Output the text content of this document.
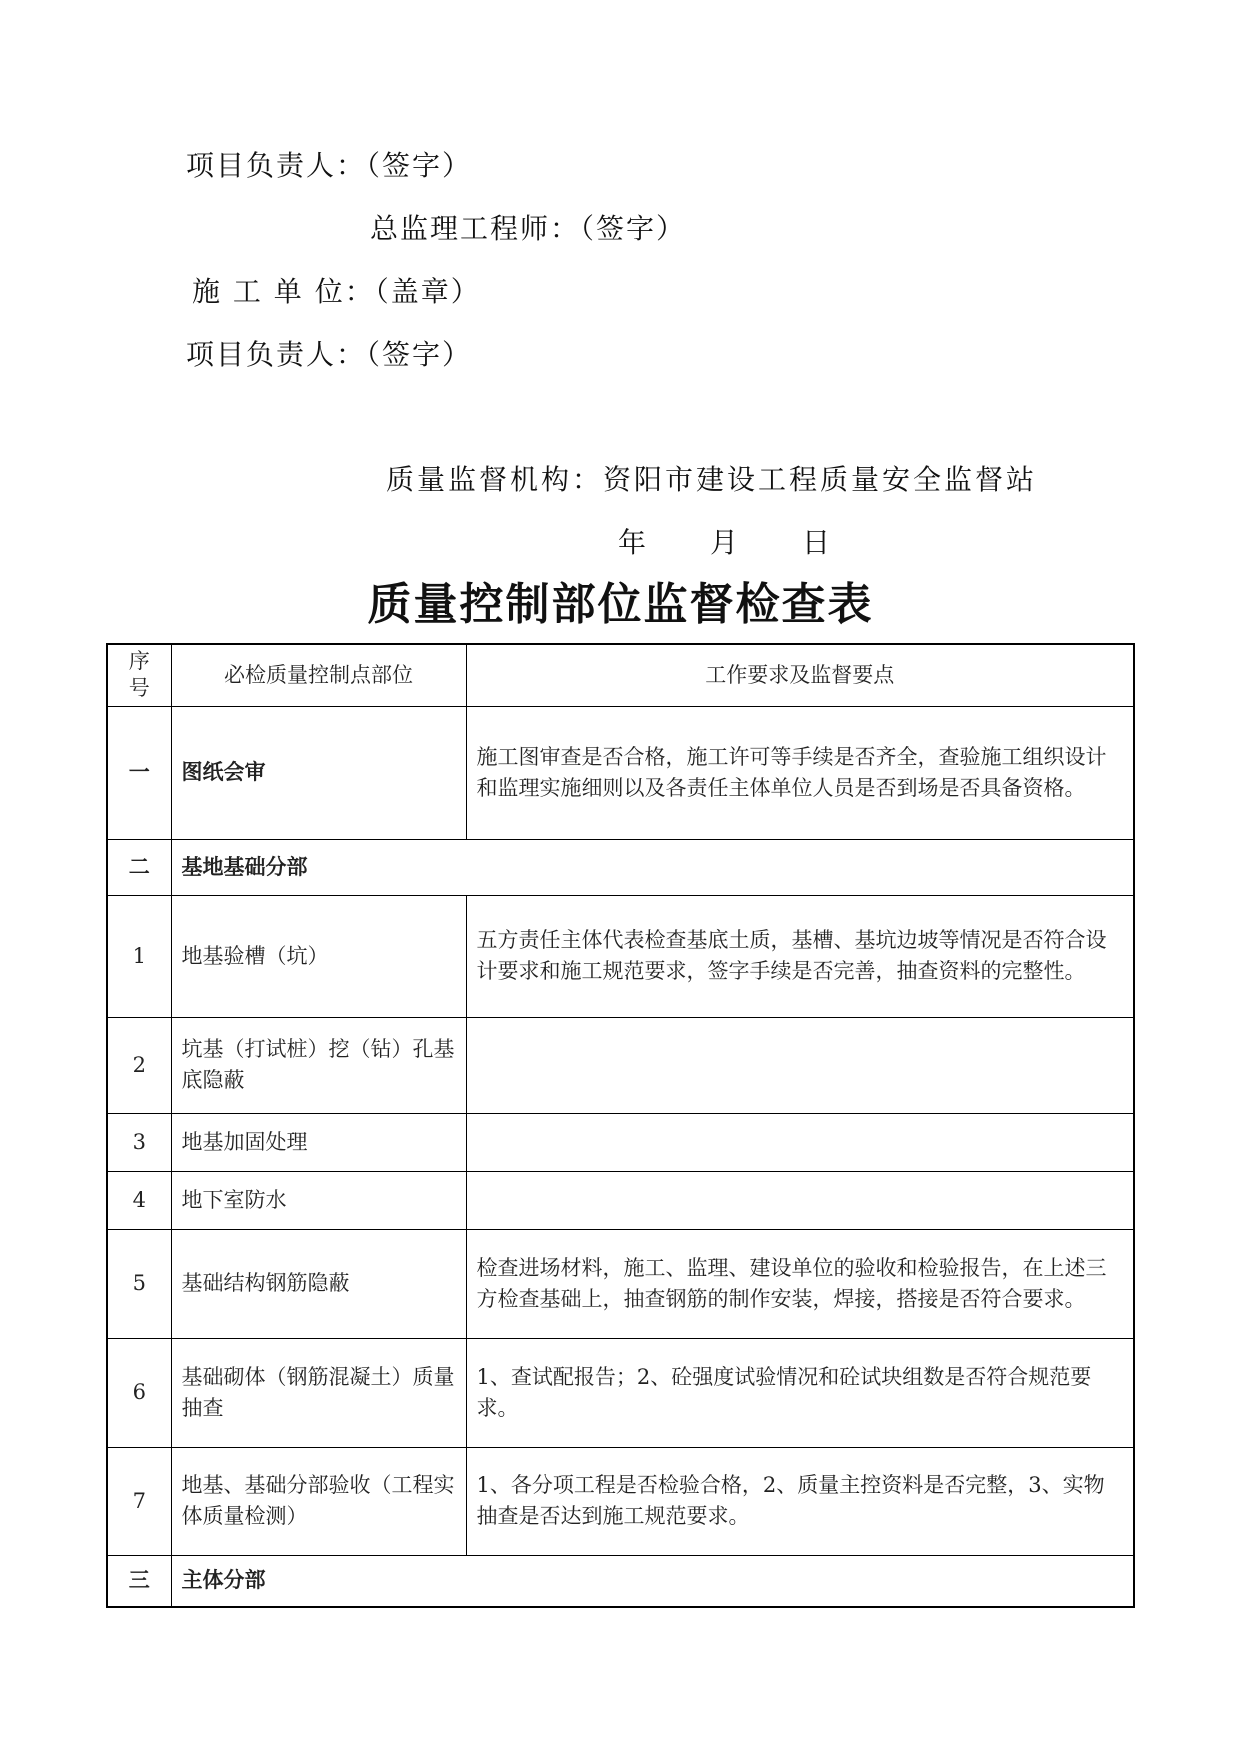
项目负责人：（签字）
总监理工程师：（签字）
施 工 单 位：（盖章）
项目负责人：（签字）
质量监督机构：资阳市建设工程质量安全监督站
年 月 日
质量控制部位监督检查表
序号	必检质量控制点部位	工作要求及监督要点
一	图纸会审	施工图审查是否合格，施工许可等手续是否齐全，查验施工组织设计和监理实施细则以及各责任主体单位人员是否到场是否具备资格。
二	基地基础分部	
1	地基验槽（坑）	五方责任主体代表检查基底土质，基槽、基坑边坡等情况是否符合设计要求和施工规范要求，签字手续是否完善，抽查资料的完整性。
2	坑基（打试桩）挖（钻）孔基底隐蔽	
3	地基加固处理	
4	地下室防水	
5	基础结构钢筋隐蔽	检查进场材料，施工、监理、建设单位的验收和检验报告，在上述三方检查基础上，抽查钢筋的制作安装，焊接，搭接是否符合要求。
6	基础砌体（钢筋混凝土）质量抽查	1、查试配报告；2、砼强度试验情况和砼试块组数是否符合规范要求。
7	地基、基础分部验收（工程实体质量检测）	1、各分项工程是否检验合格，2、质量主控资料是否完整，3、实物抽查是否达到施工规范要求。
三	主体分部	
